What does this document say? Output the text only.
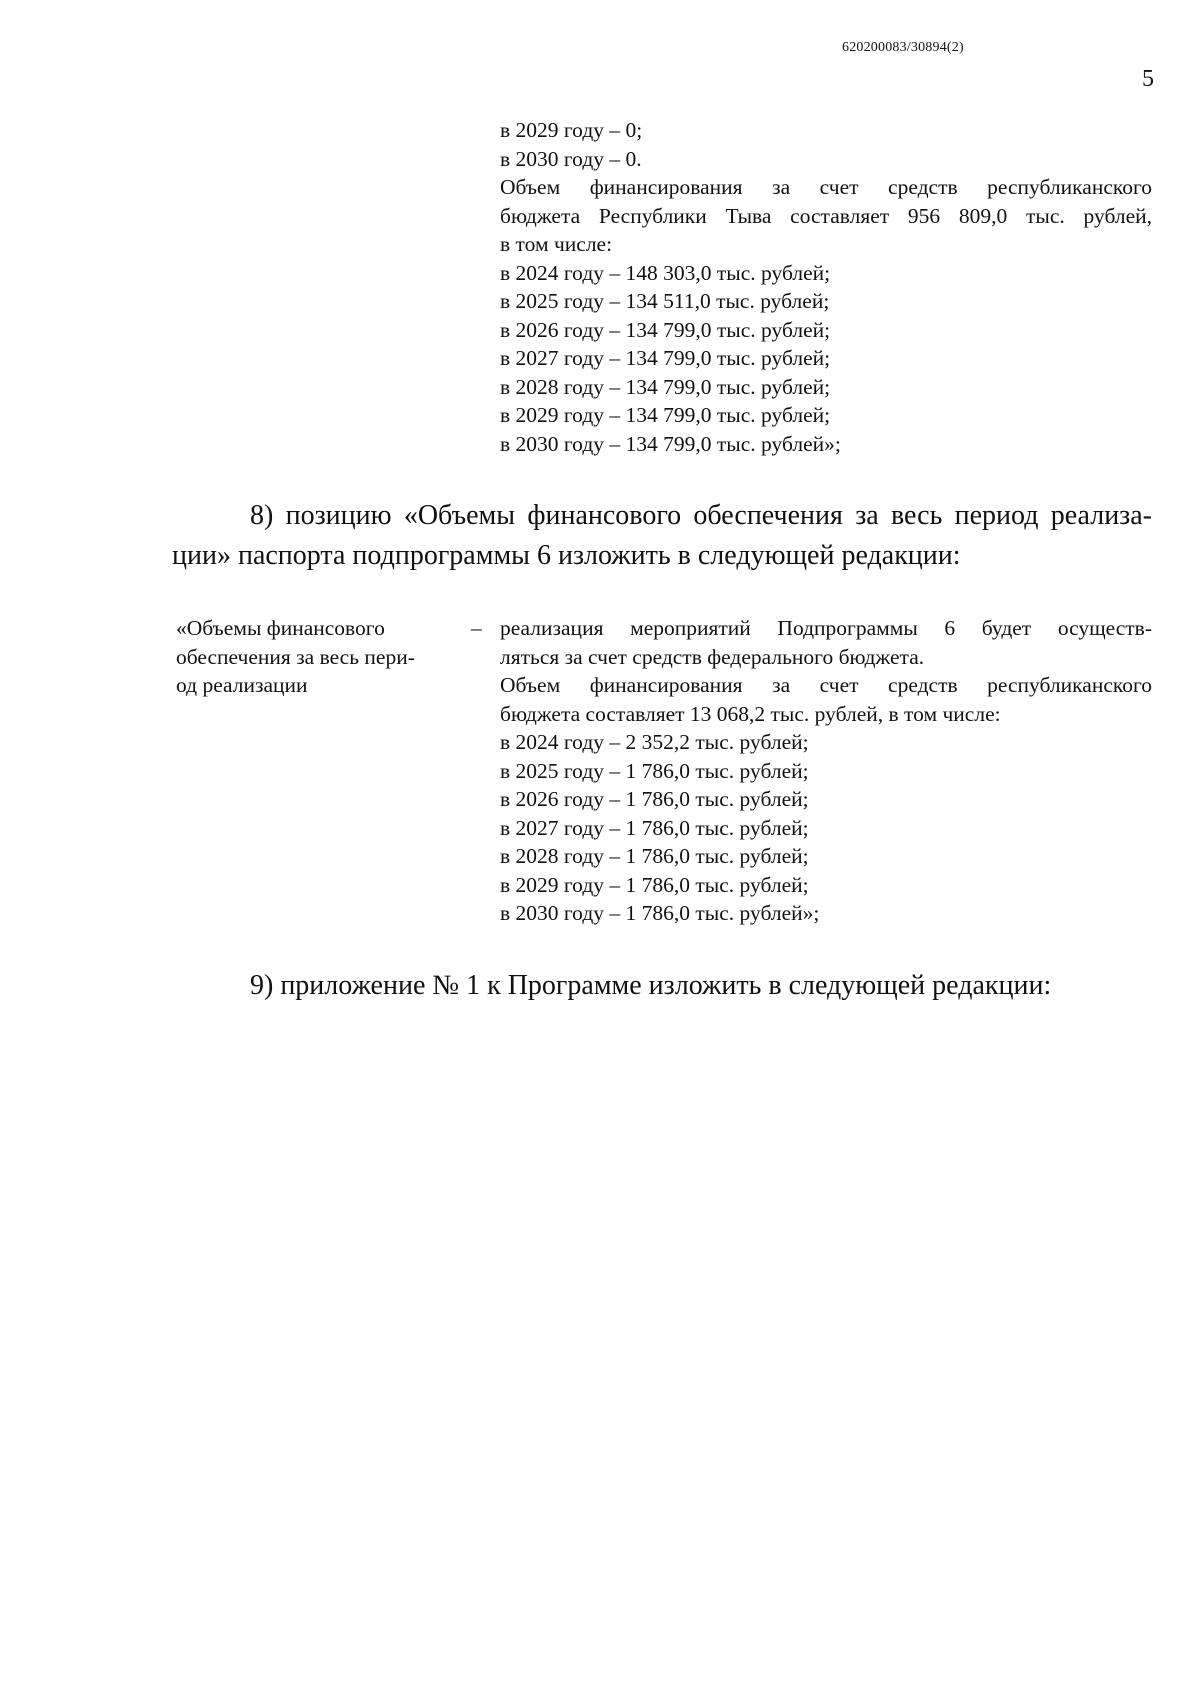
620200083/30894(2)
5
в 2029 году – 0;
в 2030 году – 0.
Объем финансирования за счет средств республиканского
бюджета Республики Тыва составляет 956 809,0 тыс. рублей,
в том числе:
в 2024 году – 148 303,0 тыс. рублей;
в 2025 году – 134 511,0 тыс. рублей;
в 2026 году – 134 799,0 тыс. рублей;
в 2027 году – 134 799,0 тыс. рублей;
в 2028 году – 134 799,0 тыс. рублей;
в 2029 году – 134 799,0 тыс. рублей;
в 2030 году – 134 799,0 тыс. рублей»;
8) позицию «Объемы финансового обеспечения за весь период реализа-
ции» паспорта подпрограммы 6 изложить в следующей редакции:
«Объемы финансового
обеспечения за весь пери-
од реализации
– реализация мероприятий Подпрограммы 6 будет осуществ-
ляться за счет средств федерального бюджета.
Объем финансирования за счет средств республиканского
бюджета составляет 13 068,2 тыс. рублей, в том числе:
в 2024 году – 2 352,2 тыс. рублей;
в 2025 году – 1 786,0 тыс. рублей;
в 2026 году – 1 786,0 тыс. рублей;
в 2027 году – 1 786,0 тыс. рублей;
в 2028 году – 1 786,0 тыс. рублей;
в 2029 году – 1 786,0 тыс. рублей;
в 2030 году – 1 786,0 тыс. рублей»;
9) приложение № 1 к Программе изложить в следующей редакции:
